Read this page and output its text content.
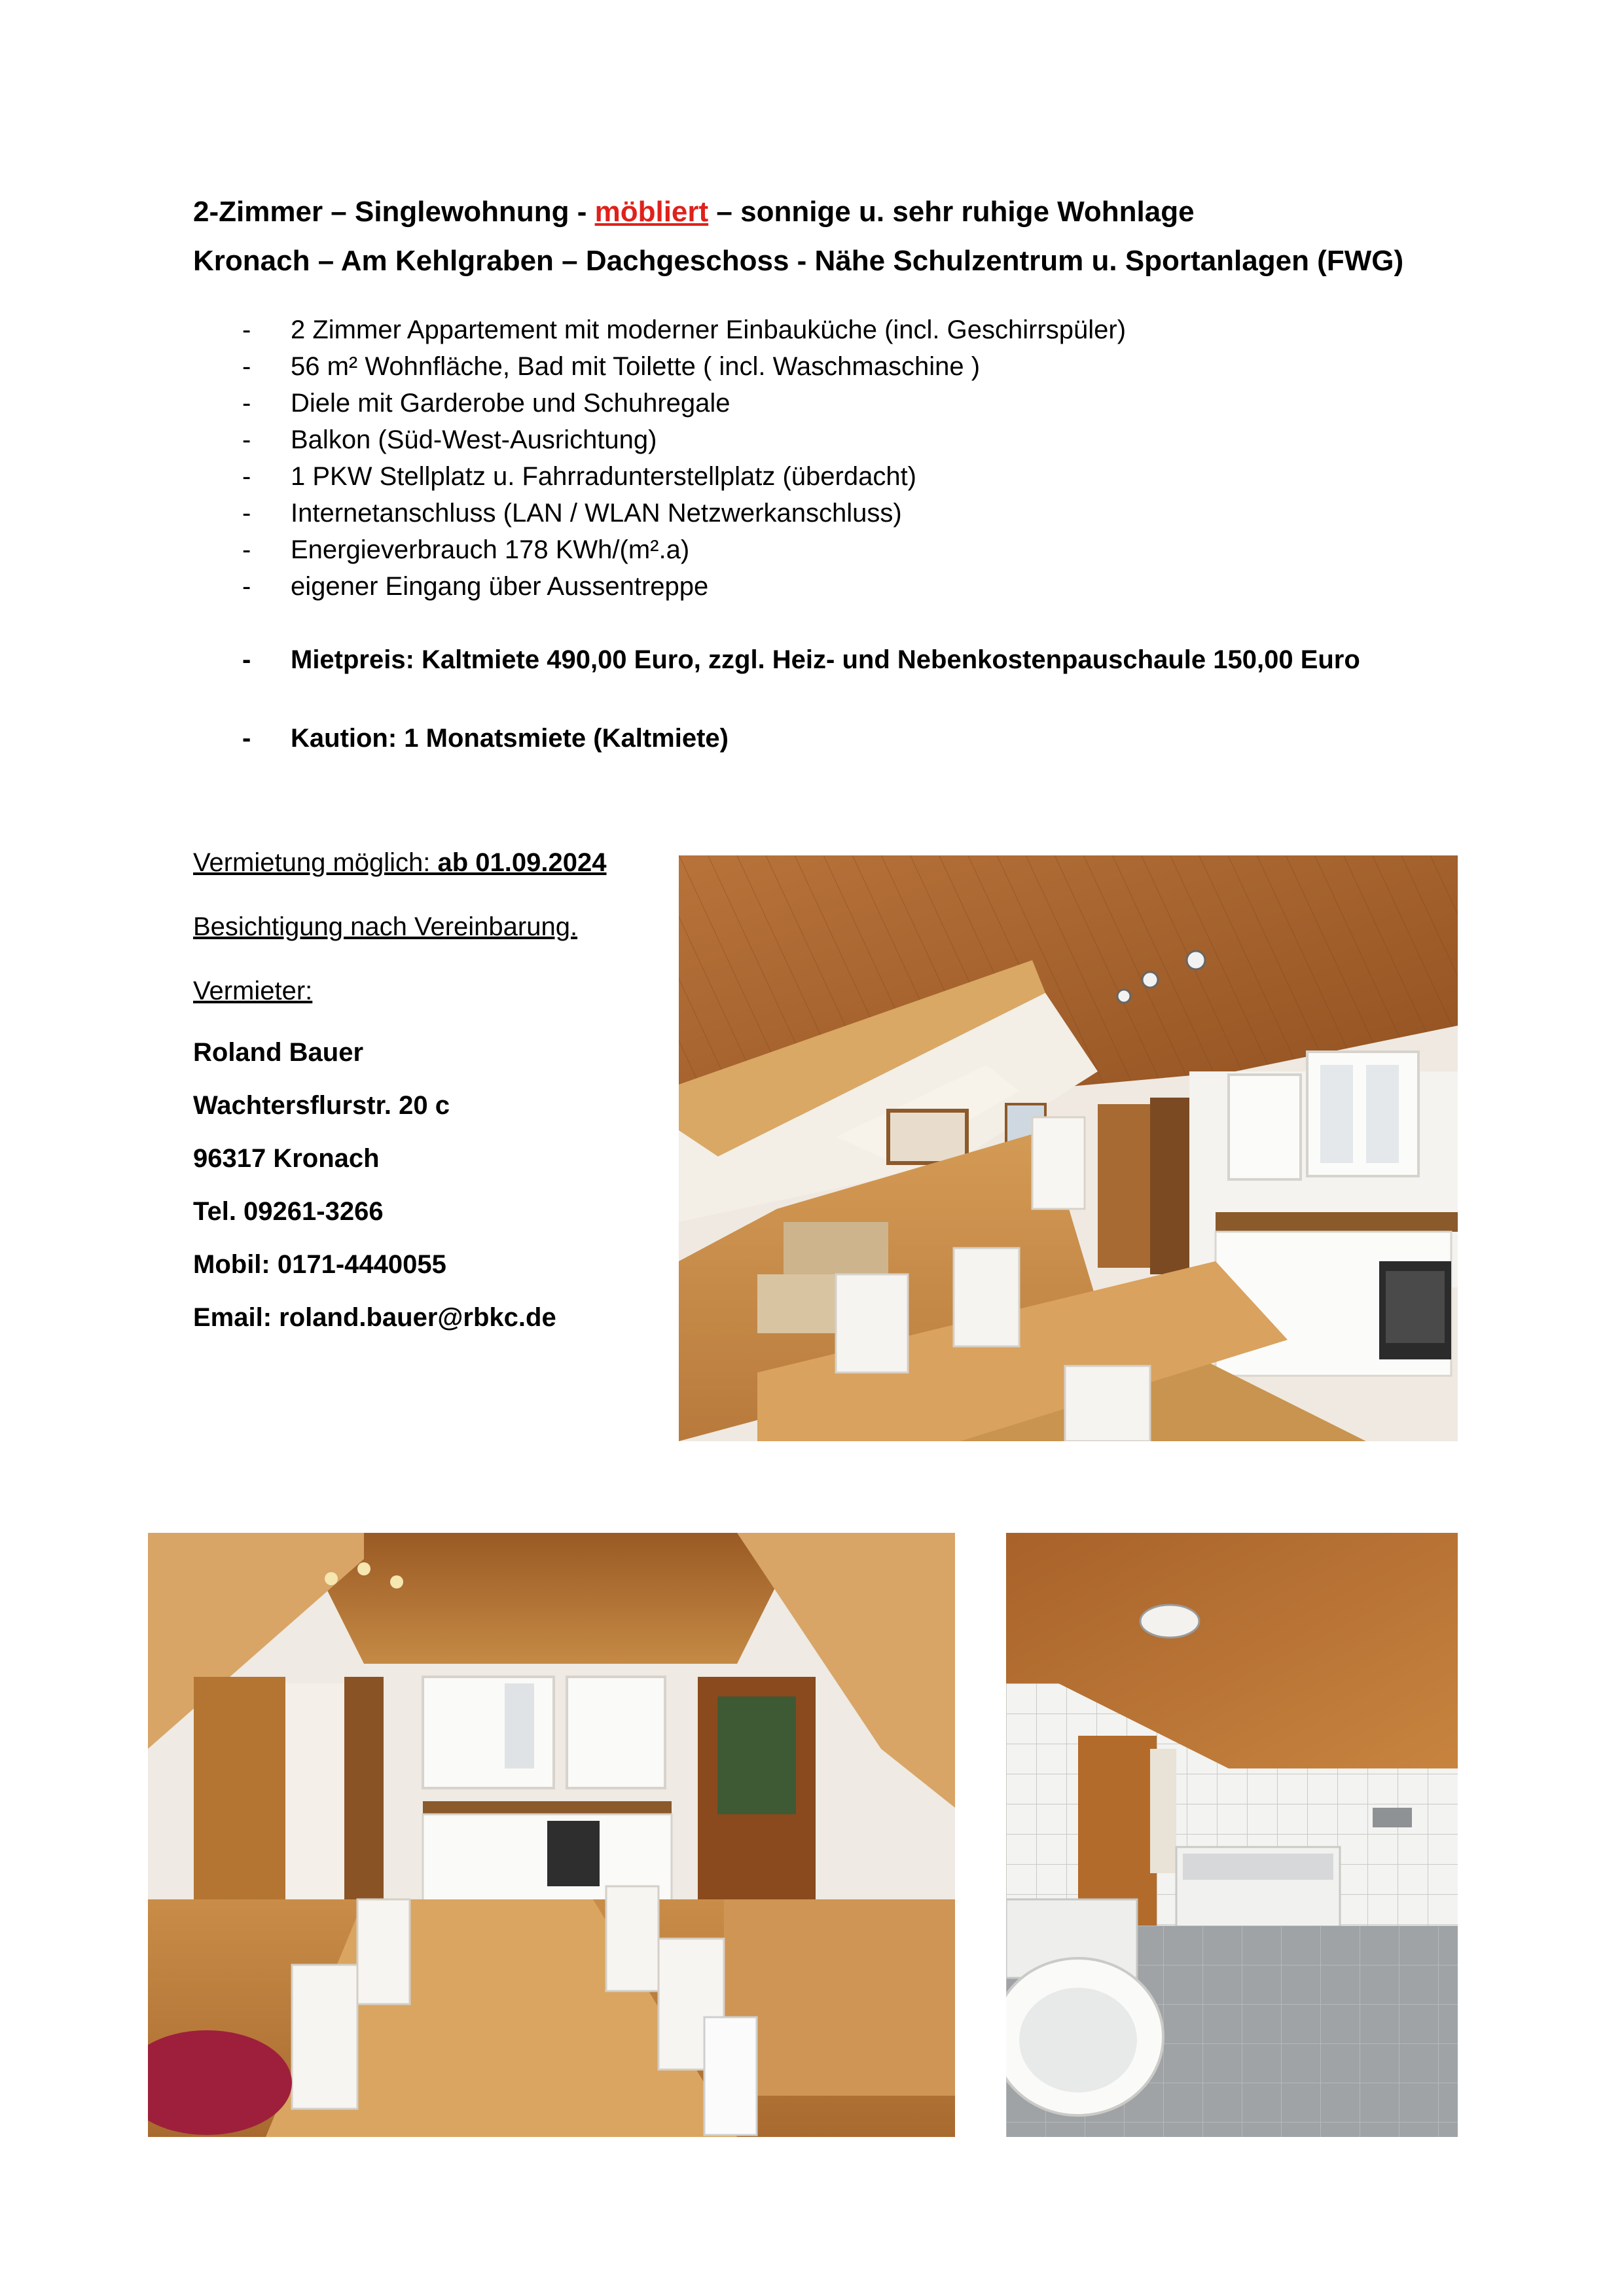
2-Zimmer – Singlewohnung - möbliert – sonnige u. sehr ruhige Wohnlage
Kronach – Am Kehlgraben – Dachgeschoss - Nähe Schulzentrum u. Sportanlagen (FWG)
- 2 Zimmer Appartement mit moderner Einbauküche (incl. Geschirrspüler)
- 56 m² Wohnfläche, Bad mit Toilette ( incl. Waschmaschine )
- Diele mit Garderobe und Schuhregale
- Balkon (Süd-West-Ausrichtung)
- 1 PKW Stellplatz u. Fahrradunterstellplatz (überdacht)
- Internetanschluss (LAN / WLAN Netzwerkanschluss)
- Energieverbrauch 178 KWh/(m².a)
- eigener Eingang über Aussentreppe
- Mietpreis: Kaltmiete 490,00 Euro, zzgl. Heiz- und Nebenkostenpauschaule 150,00 Euro
- Kaution: 1 Monatsmiete (Kaltmiete)
Vermietung möglich: ab 01.09.2024
Besichtigung nach Vereinbarung.
Vermieter:
Roland Bauer
Wachtersflurstr. 20 c
96317 Kronach
Tel. 09261-3266
Mobil: 0171-4440055
Email: roland.bauer@rbkc.de
